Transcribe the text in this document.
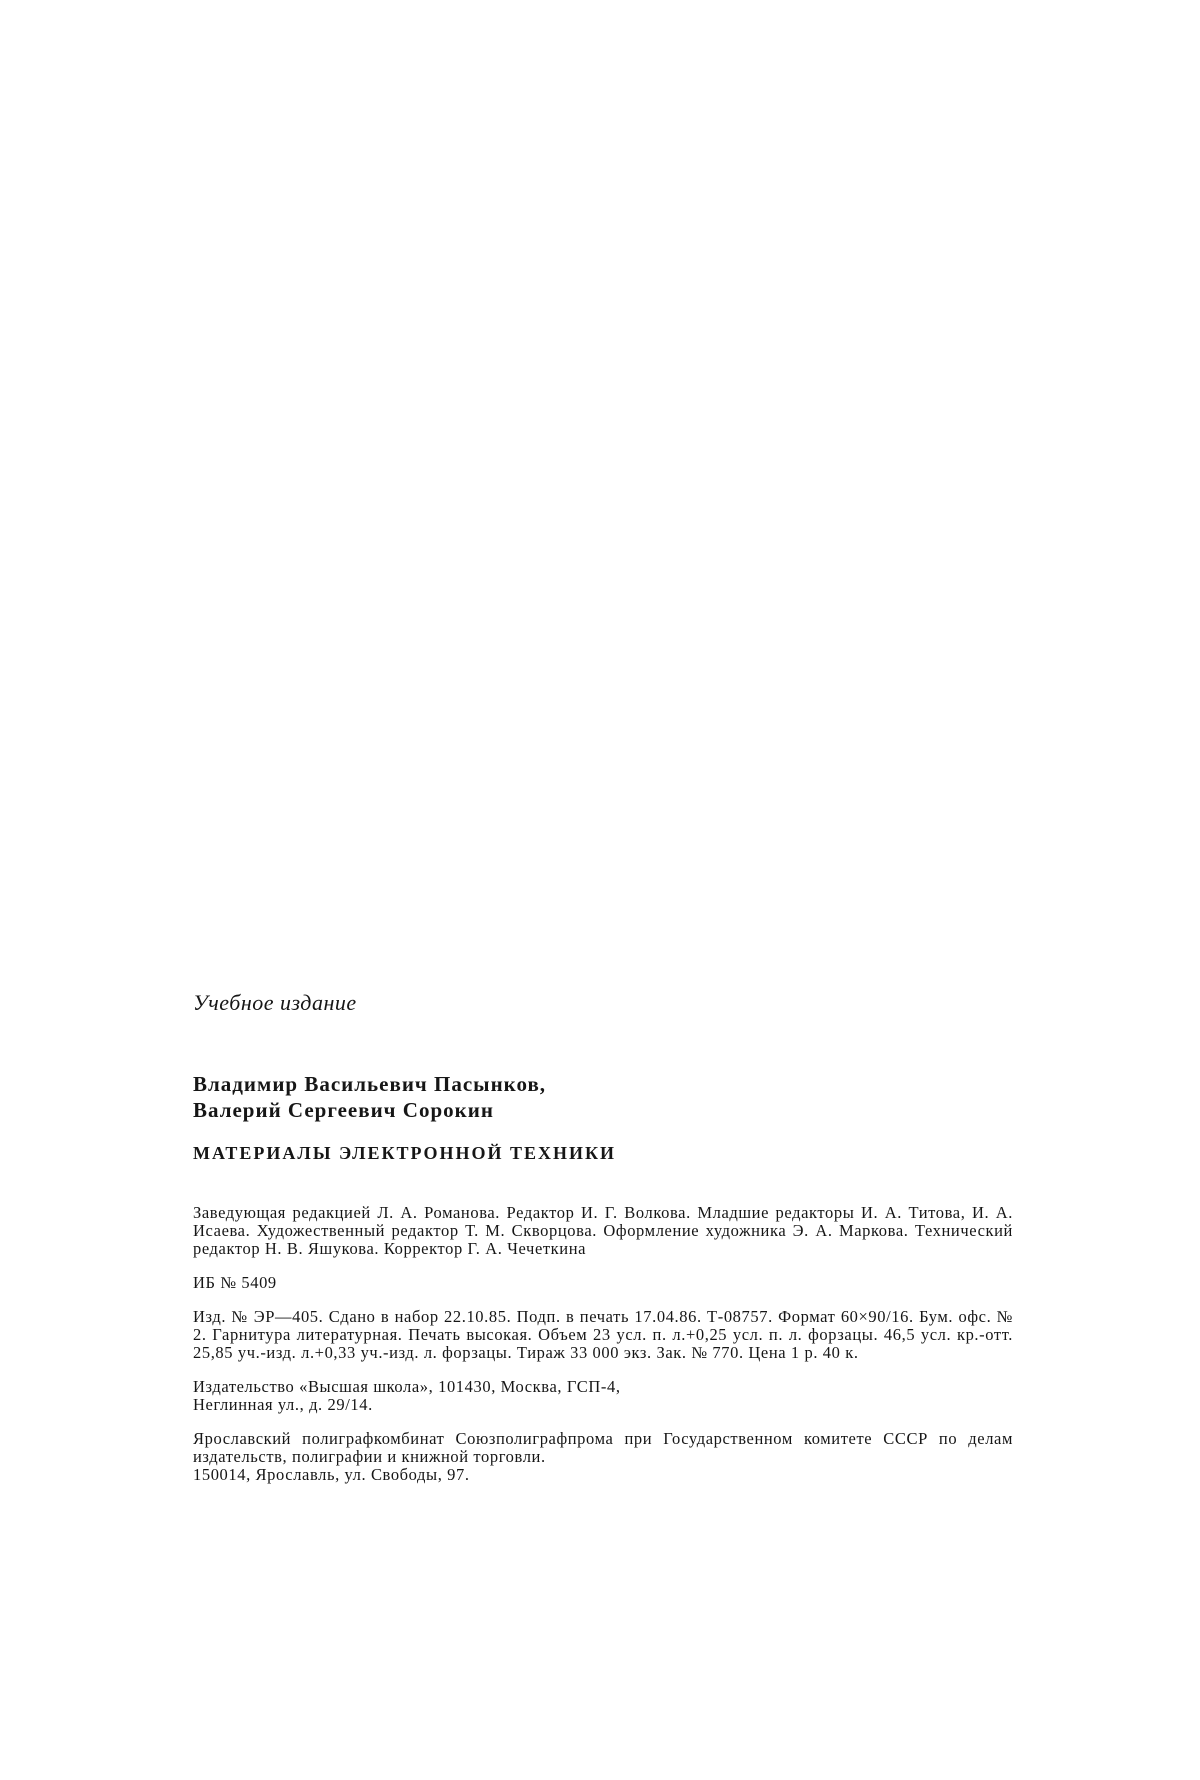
Учебное издание
Владимир Васильевич Пасынков,
Валерий Сергеевич Сорокин
МАТЕРИАЛЫ ЭЛЕКТРОННОЙ ТЕХНИКИ
Заведующая редакцией Л. А. Романова. Редактор И. Г. Волкова. Младшие редакторы И. А. Титова, И. А. Исаева. Художественный редактор Т. М. Скворцова. Оформление художника Э. А. Маркова. Технический редактор Н. В. Яшукова. Корректор Г. А. Чечеткина
ИБ № 5409
Изд. № ЭР—405. Сдано в набор 22.10.85. Подп. в печать 17.04.86. Т-08757. Формат 60×90/16. Бум. офс. № 2. Гарнитура литературная. Печать высокая. Объем 23 усл. п. л.+0,25 усл. п. л. форзацы. 46,5 усл. кр.-отт. 25,85 уч.-изд. л.+0,33 уч.-изд. л. форзацы. Тираж 33 000 экз. Зак. № 770. Цена 1 р. 40 к.
Издательство «Высшая школа», 101430, Москва, ГСП-4,
Неглинная ул., д. 29/14.
Ярославский полиграфкомбинат Союзполиграфпрома при Государственном комитете СССР по делам издательств, полиграфии и книжной торговли.
150014, Ярославль, ул. Свободы, 97.
